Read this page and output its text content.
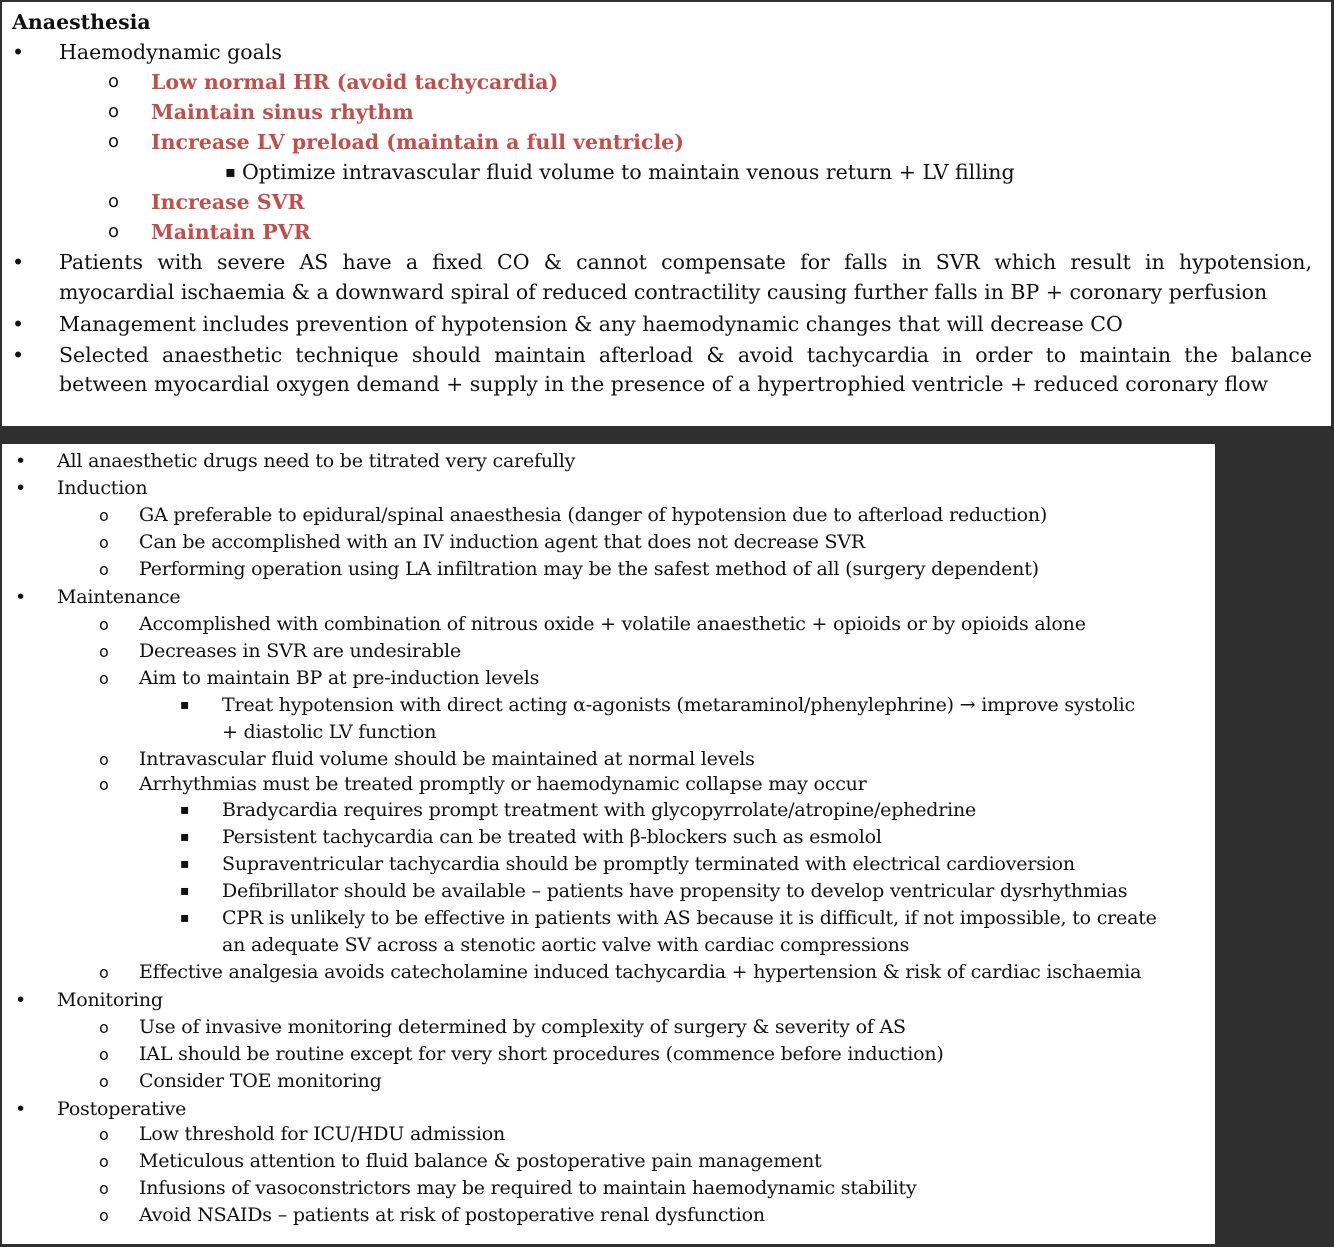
Anaesthesia
• Haemodynamic goals
o Low normal HR (avoid tachycardia)
o Maintain sinus rhythm
o Increase LV preload (maintain a full ventricle)
▪ Optimize intravascular fluid volume to maintain venous return + LV filling
o Increase SVR
o Maintain PVR
• Patients with severe AS have a fixed CO & cannot compensate for falls in SVR which result in hypotension,
myocardial ischaemia & a downward spiral of reduced contractility causing further falls in BP + coronary perfusion
• Management includes prevention of hypotension & any haemodynamic changes that will decrease CO
• Selected anaesthetic technique should maintain afterload & avoid tachycardia in order to maintain the balance
between myocardial oxygen demand + supply in the presence of a hypertrophied ventricle + reduced coronary flow
• All anaesthetic drugs need to be titrated very carefully
• Induction
o GA preferable to epidural/spinal anaesthesia (danger of hypotension due to afterload reduction)
o Can be accomplished with an IV induction agent that does not decrease SVR
o Performing operation using LA infiltration may be the safest method of all (surgery dependent)
• Maintenance
o Accomplished with combination of nitrous oxide + volatile anaesthetic + opioids or by opioids alone
o Decreases in SVR are undesirable
o Aim to maintain BP at pre-induction levels
▪ Treat hypotension with direct acting α-agonists (metaraminol/phenylephrine) → improve systolic
+ diastolic LV function
o Intravascular fluid volume should be maintained at normal levels
o Arrhythmias must be treated promptly or haemodynamic collapse may occur
▪ Bradycardia requires prompt treatment with glycopyrrolate/atropine/ephedrine
▪ Persistent tachycardia can be treated with β-blockers such as esmolol
▪ Supraventricular tachycardia should be promptly terminated with electrical cardioversion
▪ Defibrillator should be available – patients have propensity to develop ventricular dysrhythmias
▪ CPR is unlikely to be effective in patients with AS because it is difficult, if not impossible, to create
an adequate SV across a stenotic aortic valve with cardiac compressions
o Effective analgesia avoids catecholamine induced tachycardia + hypertension & risk of cardiac ischaemia
• Monitoring
o Use of invasive monitoring determined by complexity of surgery & severity of AS
o IAL should be routine except for very short procedures (commence before induction)
o Consider TOE monitoring
• Postoperative
o Low threshold for ICU/HDU admission
o Meticulous attention to fluid balance & postoperative pain management
o Infusions of vasoconstrictors may be required to maintain haemodynamic stability
o Avoid NSAIDs – patients at risk of postoperative renal dysfunction
